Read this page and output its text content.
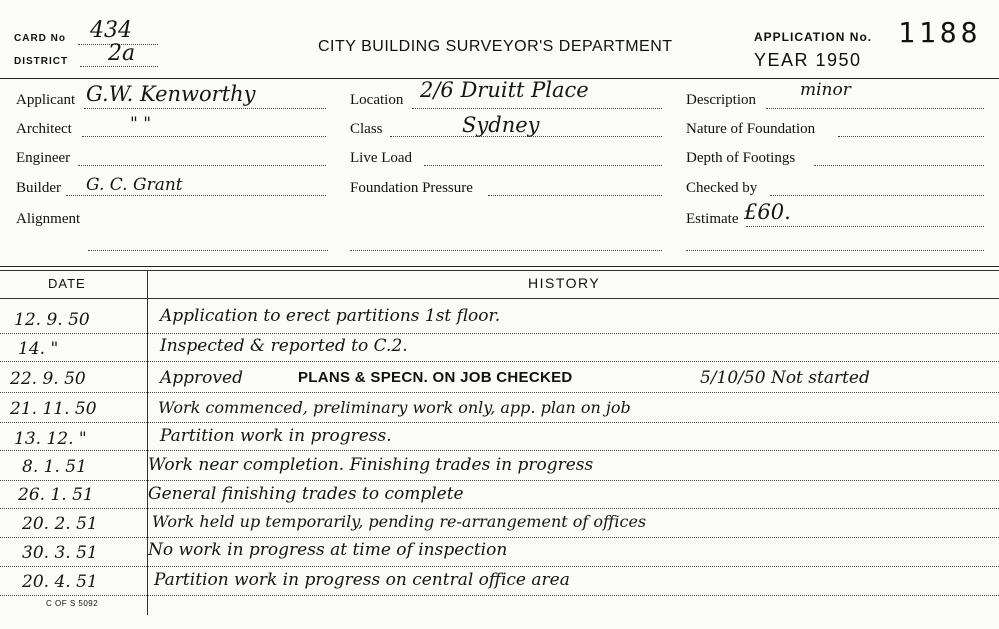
CARD No 434
DISTRICT 2a	CITY BUILDING SURVEYOR'S DEPARTMENT
APPLICATION No. 1188
YEAR 1950
Applicant G.W. Kenworthy
Architect	" "
Engineer
Builder G. C. Grant
Alignment
Location 2/6 Druitt Place
Class	Sydney
Live Load
Foundation Pressure
Description	minor
Nature of Foundation
Depth of Footings
Checked by
Estimate £60.
DATE	HISTORY
12. 9. 50	Application to erect partitions 1st floor.
14. "	Inspected & reported to C.2.
22. 9. 50	Approved	PLANS & SPECN. ON JOB CHECKED	5/10/50 Not started
21. 11. 50	Work commenced, preliminary work only, app. plan on job
13. 12. "	Partition work in progress.
8. 1. 51	Work near completion. Finishing trades in progress
26. 1. 51	General finishing trades to complete
20. 2. 51	Work held up temporarily, pending re-arrangement of offices
30. 3. 51	No work in progress at time of inspection
20. 4. 51	Partition work in progress on central office area
C OF S 5092
